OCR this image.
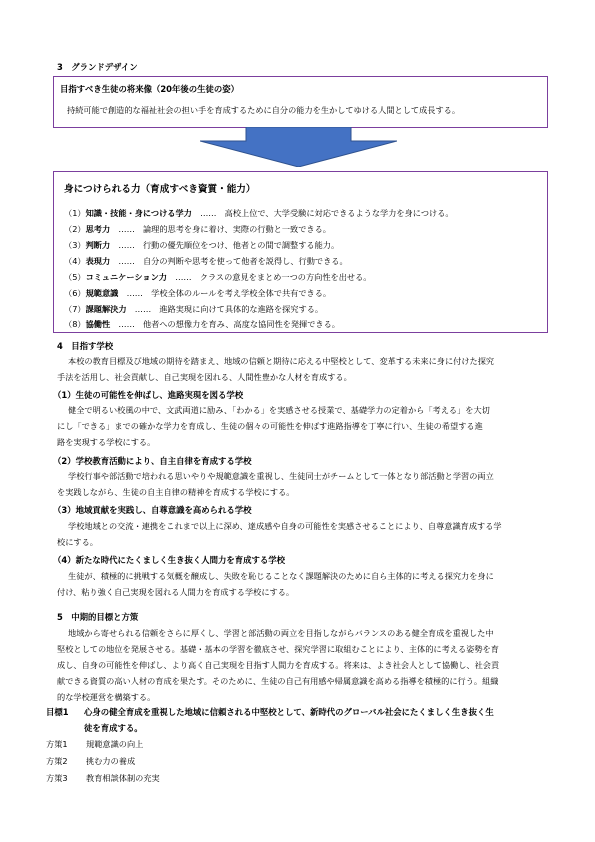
3　グランドデザイン
目指すべき生徒の将来像（20年後の生徒の姿）
持続可能で創造的な福祉社会の担い手を育成するために自分の能力を生かしてゆける人間として成長する。
身につけられる力（育成すべき資質・能力）
（1）知識・技能・身につける学力　 ……　 高校上位で、大学受験に対応できるような学力を身につける。
（2）思考力　 ……　 論理的思考を身に着け、実際の行動と一致できる。
（3）判断力　 ……　 行動の優先順位をつけ、他者との間で調整する能力。
（4）表現力　 ……　 自分の判断や思考を使って他者を説得し、行動できる。
（5）コミュニケーション力　 ……　 クラスの意見をまとめ一つの方向性を出せる。
（6）規範意識　 ……　 学校全体のルールを考え学校全体で共有できる。
（7）課題解決力　 ……　 進路実現に向けて具体的な進路を探究する。
（8）協働性　 ……　 他者への想像力を育み、高度な協同性を発揮できる。
4　目指す学校
本校の教育目標及び地域の期待を踏まえ、地域の信頼と期待に応える中堅校として、変革する未来に身に付けた探究
手法を活用し、社会貢献し、自己実現を図れる、人間性豊かな人材を育成する。
（1）生徒の可能性を伸ばし、進路実現を図る学校
健全で明るい校風の中で、文武両道に励み、「わかる」を実感させる授業で、基礎学力の定着から「考える」を大切
にし「できる」までの確かな学力を育成し、生徒の個々の可能性を伸ばす進路指導を丁寧に行い、生徒の希望する進
路を実現する学校にする。
（2）学校教育活動により、自主自律を育成する学校
学校行事や部活動で培われる思いやりや規範意識を重視し、生徒同士がチームとして一体となり部活動と学習の両立
を実践しながら、生徒の自主自律の精神を育成する学校にする。
（3）地域貢献を実践し、自尊意識を高められる学校
学校地域との交流・連携をこれまで以上に深め、達成感や自身の可能性を実感させることにより、自尊意識育成する学
校にする。
（4）新たな時代にたくましく生き抜く人間力を育成する学校
生徒が、積極的に挑戦する気概を醸成し、失敗を恥じることなく課題解決のために自ら主体的に考える探究力を身に
付け、粘り強く自己実現を図れる人間力を育成する学校にする。
5　中期的目標と方策
地域から寄せられる信頼をさらに厚くし、学習と部活動の両立を目指しながらバランスのある健全育成を重視した中
堅校としての地位を発展させる。基礎・基本の学習を徹底させ、探究学習に取組むことにより、主体的に考える姿勢を育
成し、自身の可能性を伸ばし、より高く自己実現を目指す人間力を育成する。将来は、よき社会人として協働し、社会貢
献できる資質の高い人材の育成を果たす。そのために、生徒の自己有用感や帰属意識を高める指導を積極的に行う。組織
的な学校運営を構築する。
目標1 心身の健全育成を重視した地域に信頼される中堅校として、新時代のグローバル社会にたくましく生き抜く生
徒を育成する。
方策1 規範意識の向上
方策2 挑む力の養成
方策3 教育相談体制の充実
